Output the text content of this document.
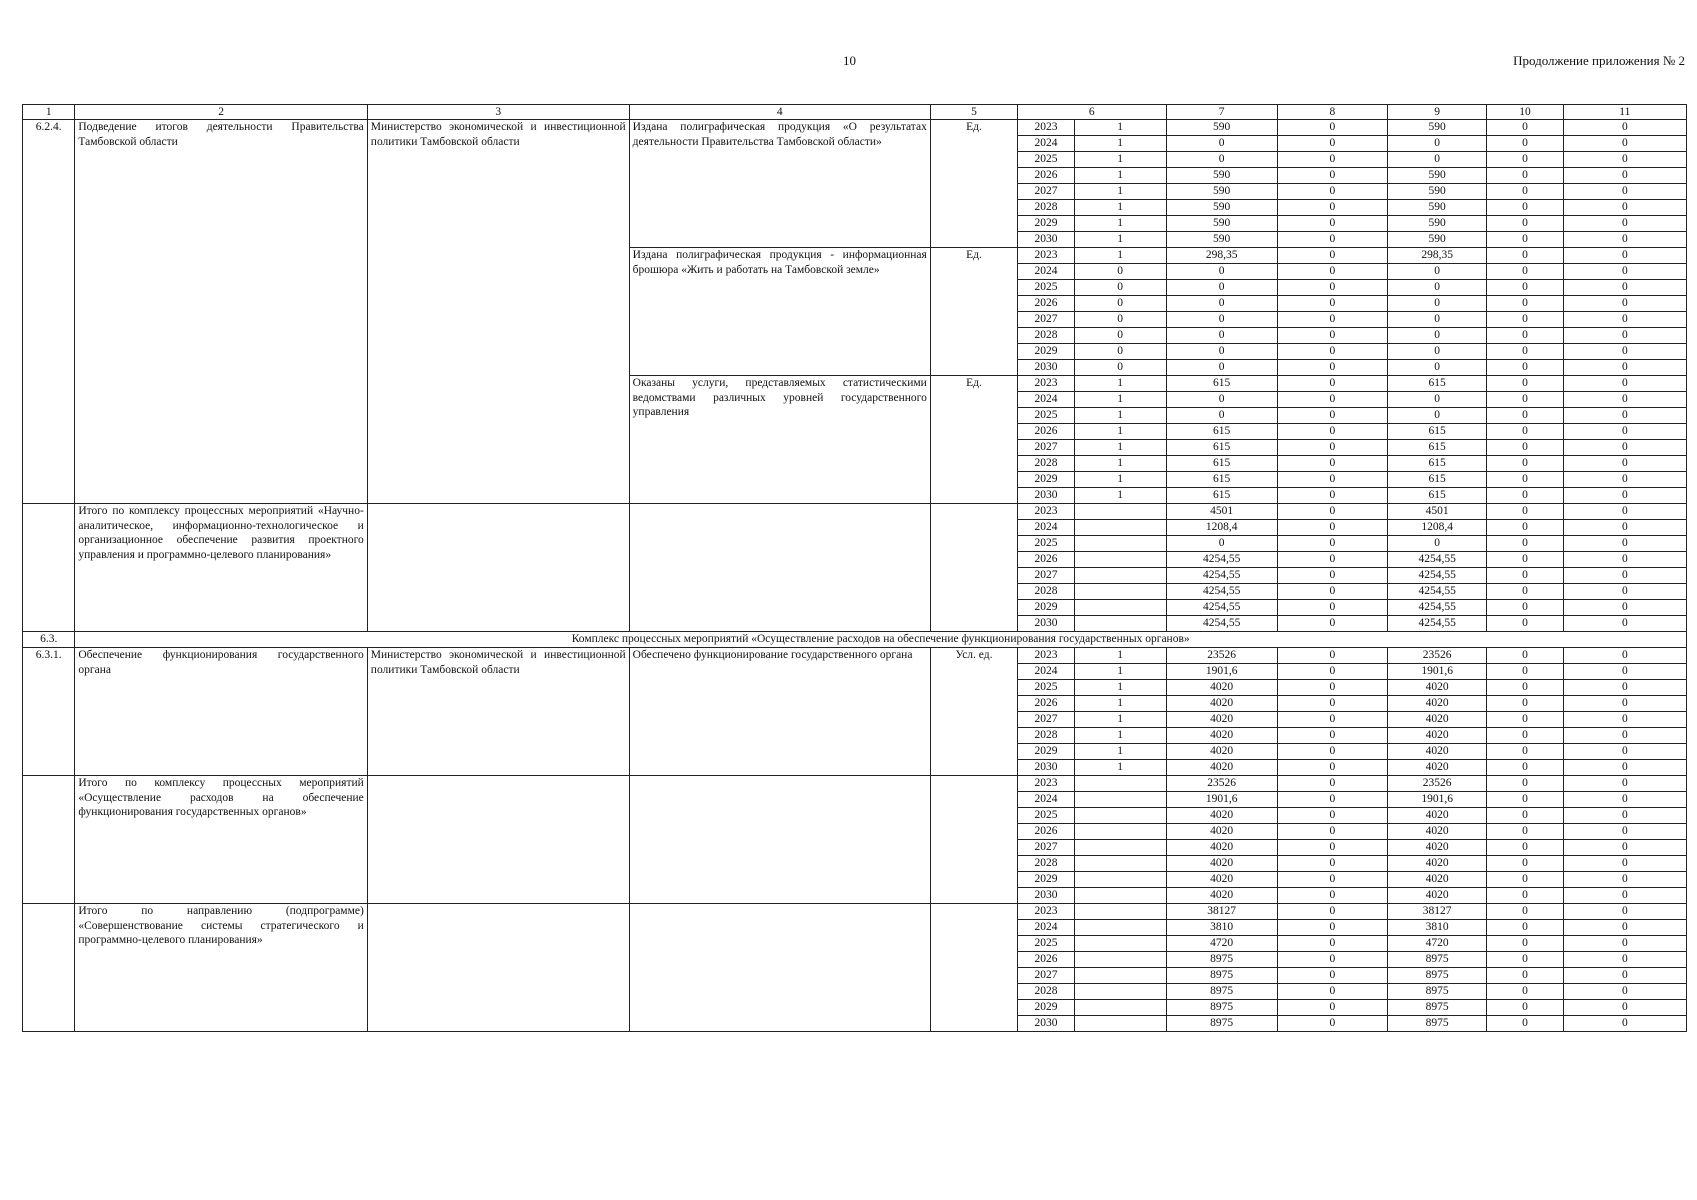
10	Продолжение приложения № 2
1	2	3	4	5	6		7	8	9	10	11
6.2.4.	Подведение итогов деятельности Правительства Тамбовской области	Министерство экономической и инвестиционной политики Тамбовской области	Издана полиграфическая продукция «О результатах деятельности Правительства Тамбовской области»	Ед.	2023	1	590	0	590	0	0
					2024	1	0	0	0	0	0
					2025	1	0	0	0	0	0
					2026	1	590	0	590	0	0
					2027	1	590	0	590	0	0
					2028	1	590	0	590	0	0
					2029	1	590	0	590	0	0
					2030	1	590	0	590	0	0
			Издана полиграфическая продукция - информационная брошюра «Жить и работать на Тамбовской земле»	Ед.	2023	1	298,35	0	298,35	0	0
					2024	0	0	0	0	0	0
					2025	0	0	0	0	0	0
					2026	0	0	0	0	0	0
					2027	0	0	0	0	0	0
					2028	0	0	0	0	0	0
					2029	0	0	0	0	0	0
					2030	0	0	0	0	0	0
			Оказаны услуги, представляемых статистическими ведомствами различных уровней государственного управления	Ед.	2023	1	615	0	615	0	0
					2024	1	0	0	0	0	0
					2025	1	0	0	0	0	0
					2026	1	615	0	615	0	0
					2027	1	615	0	615	0	0
					2028	1	615	0	615	0	0
					2029	1	615	0	615	0	0
					2030	1	615	0	615	0	0
	Итого по комплексу процессных мероприятий «Научно-аналитическое, информационно-технологическое и организационное обеспечение развития проектного управления и программно-целевого планирования»				2023		4501	0	4501	0	0
					2024		1208,4	0	1208,4	0	0
					2025		0	0	0	0	0
					2026		4254,55	0	4254,55	0	0
					2027		4254,55	0	4254,55	0	0
					2028		4254,55	0	4254,55	0	0
					2029		4254,55	0	4254,55	0	0
					2030		4254,55	0	4254,55	0	0
6.3.	Комплекс процессных мероприятий «Осуществление расходов на обеспечение функционирования государственных органов»										
6.3.1.	Обеспечение функционирования государственного органа	Министерство экономической и инвестиционной политики Тамбовской области	Обеспечено функционирование государственного органа	Усл. ед.	2023	1	23526	0	23526	0	0
					2024	1	1901,6	0	1901,6	0	0
					2025	1	4020	0	4020	0	0
					2026	1	4020	0	4020	0	0
					2027	1	4020	0	4020	0	0
					2028	1	4020	0	4020	0	0
					2029	1	4020	0	4020	0	0
					2030	1	4020	0	4020	0	0
	Итого по комплексу процессных мероприятий «Осуществление расходов на обеспечение функционирования государственных органов»				2023		23526	0	23526	0	0
					2024		1901,6	0	1901,6	0	0
					2025		4020	0	4020	0	0
					2026		4020	0	4020	0	0
					2027		4020	0	4020	0	0
					2028		4020	0	4020	0	0
					2029		4020	0	4020	0	0
					2030		4020	0	4020	0	0
	Итого по направлению (подпрограмме) «Совершенствование системы стратегического и программно-целевого планирования»				2023		38127	0	38127	0	0
					2024		3810	0	3810	0	0
					2025		4720	0	4720	0	0
					2026		8975	0	8975	0	0
					2027		8975	0	8975	0	0
					2028		8975	0	8975	0	0
					2029		8975	0	8975	0	0
					2030		8975	0	8975	0	0
